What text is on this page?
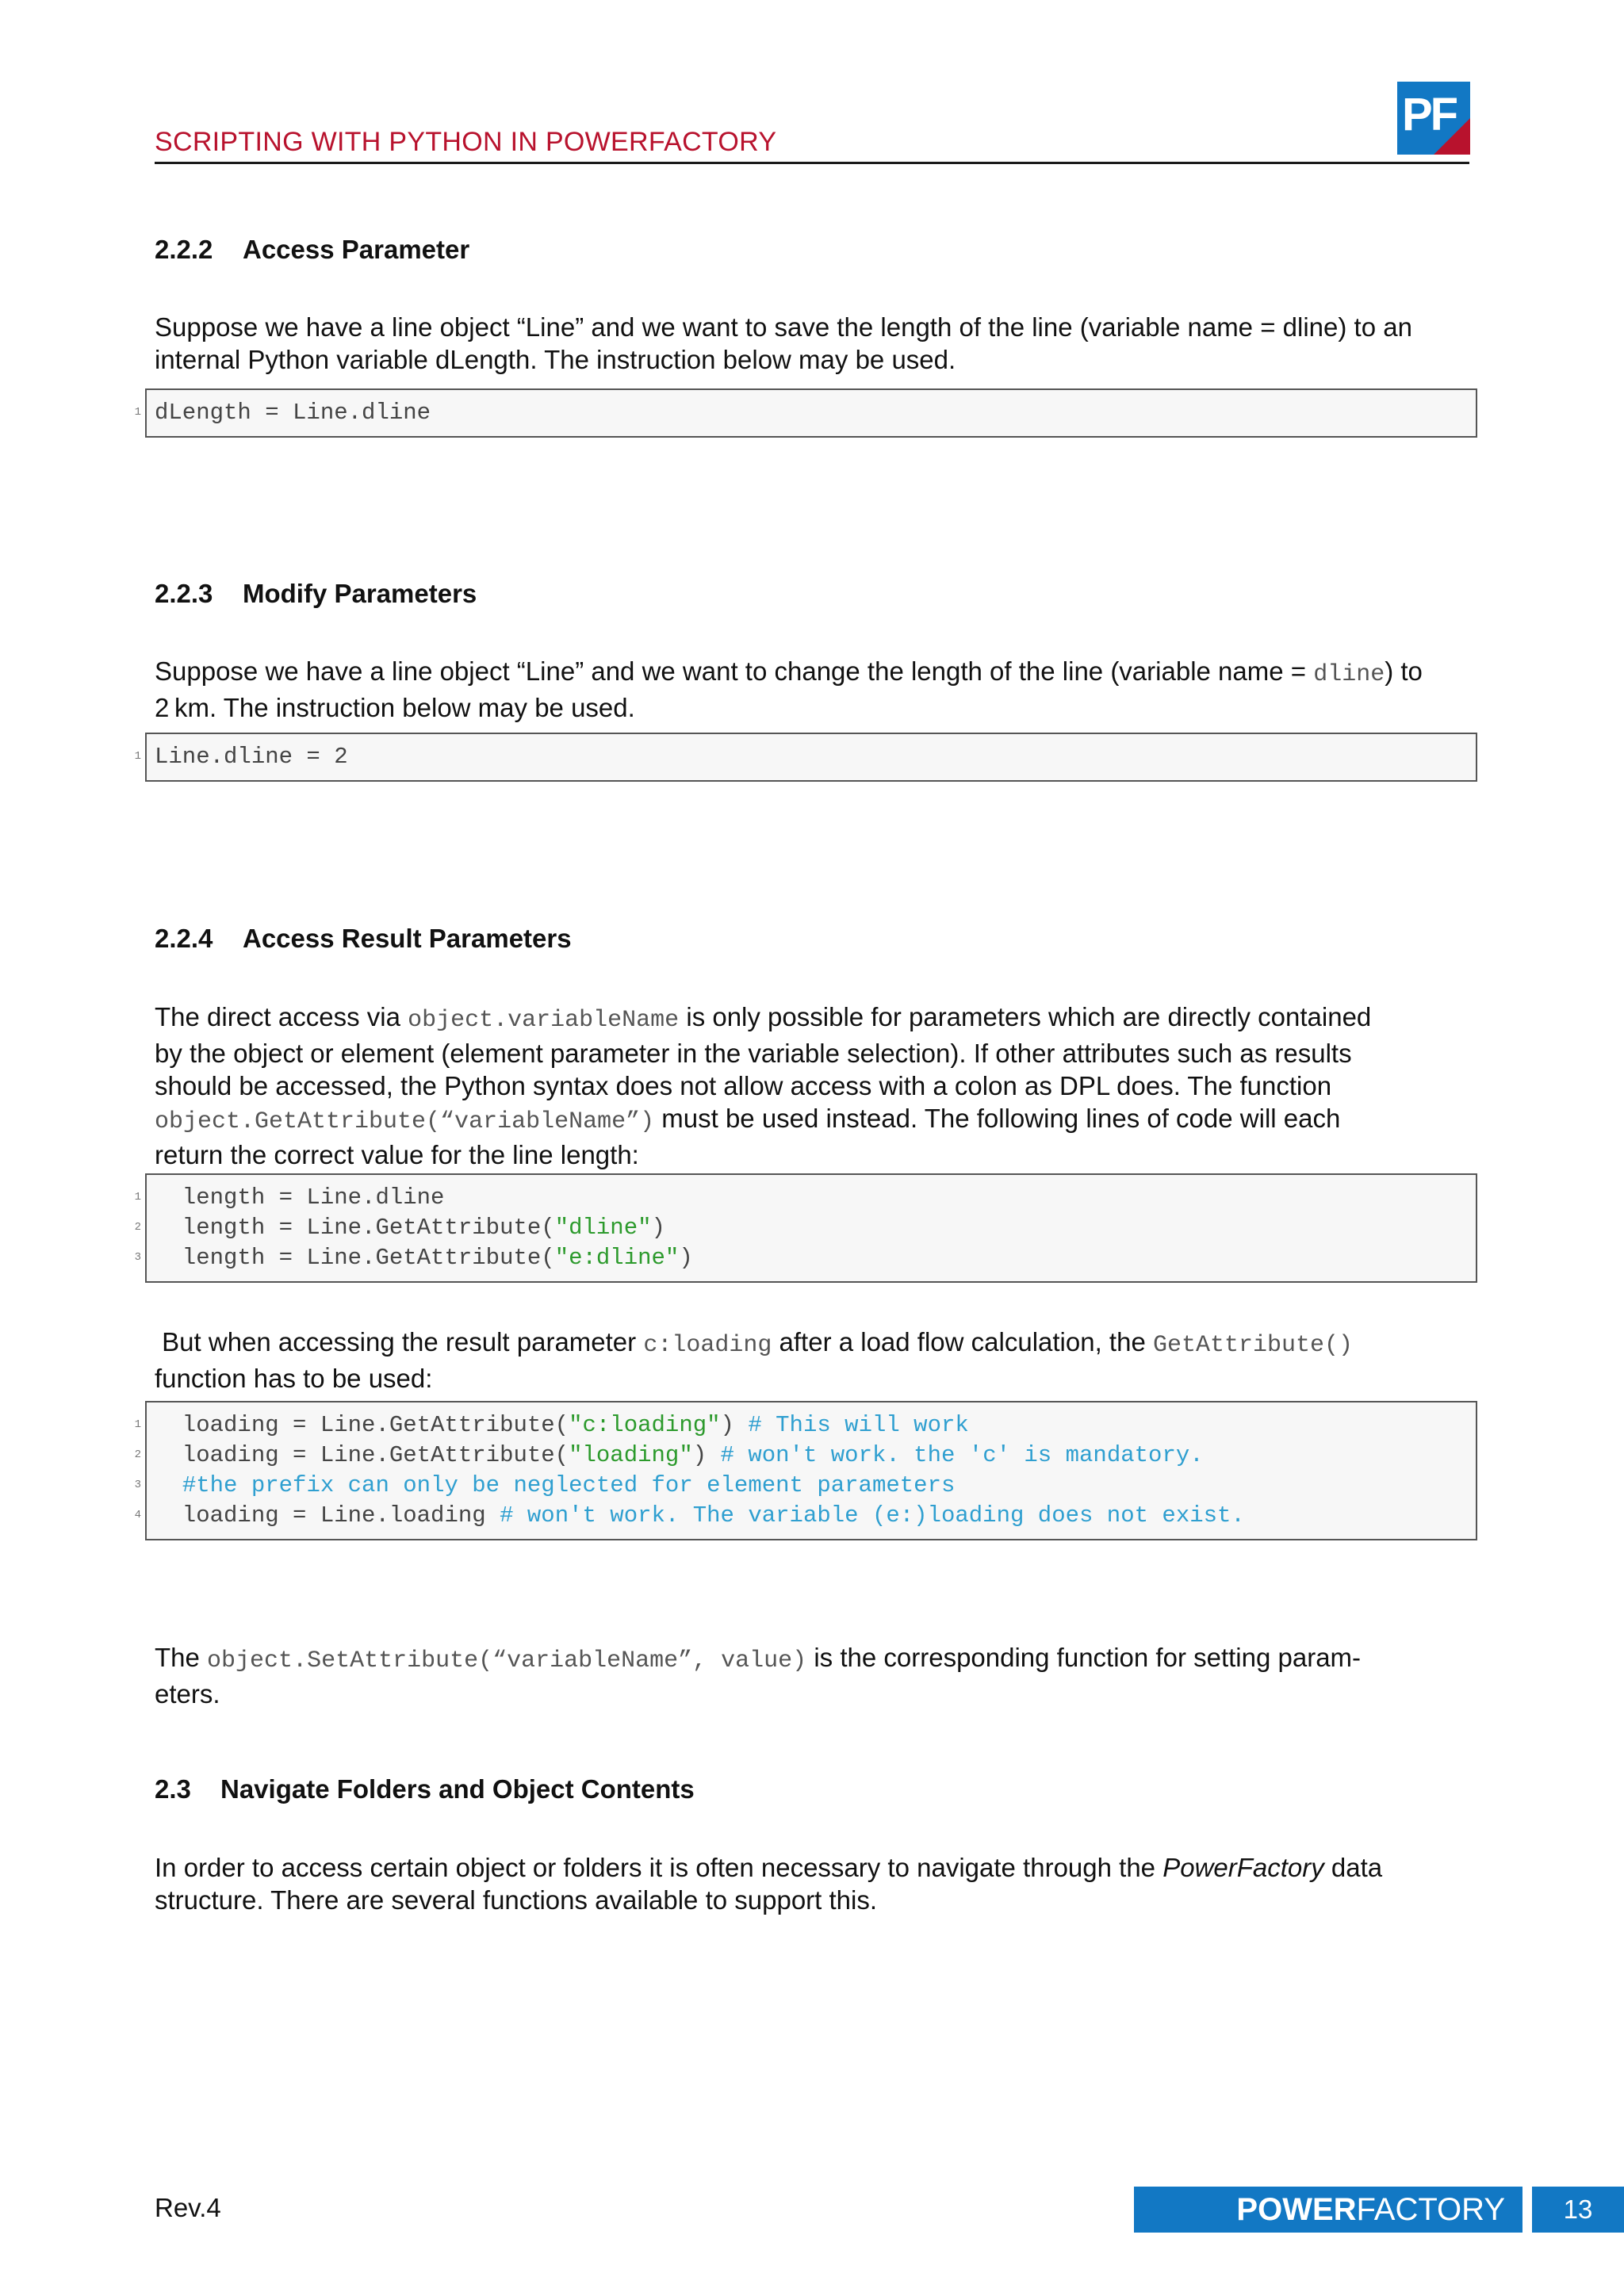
SCRIPTING WITH PYTHON IN POWERFACTORY
PF
2.2.2 Access Parameter
Suppose we have a line object “Line” and we want to save the length of the line (variable name = dline) to an
internal Python variable dLength. The instruction below may be used.
1 dLength = Line.dline
2.2.3 Modify Parameters
Suppose we have a line object “Line” and we want to change the length of the line (variable name = dline) to
2 km. The instruction below may be used.
1 Line.dline = 2
2.2.4 Access Result Parameters
The direct access via object.variableName is only possible for parameters which are directly contained
by the object or element (element parameter in the variable selection). If other attributes such as results
should be accessed, the Python syntax does not allow access with a colon as DPL does. The function
object.GetAttribute(“variableName”) must be used instead. The following lines of code will each
return the correct value for the line length:
1
2
3
length = Line.dline
length = Line.GetAttribute("dline")
length = Line.GetAttribute("e:dline")
But when accessing the result parameter c:loading after a load flow calculation, the GetAttribute()
function has to be used:
1
2
3
4
loading = Line.GetAttribute("c:loading") # This will work
loading = Line.GetAttribute("loading") # won't work. the 'c' is mandatory.
#the prefix can only be neglected for element parameters
loading = Line.loading # won't work. The variable (e:)loading does not exist.
The object.SetAttribute(“variableName”, value) is the corresponding function for setting param-
eters.
2.3 Navigate Folders and Object Contents
In order to access certain object or folders it is often necessary to navigate through the PowerFactory data
structure. There are several functions available to support this.
Rev.4	POWERFACTORY	13
